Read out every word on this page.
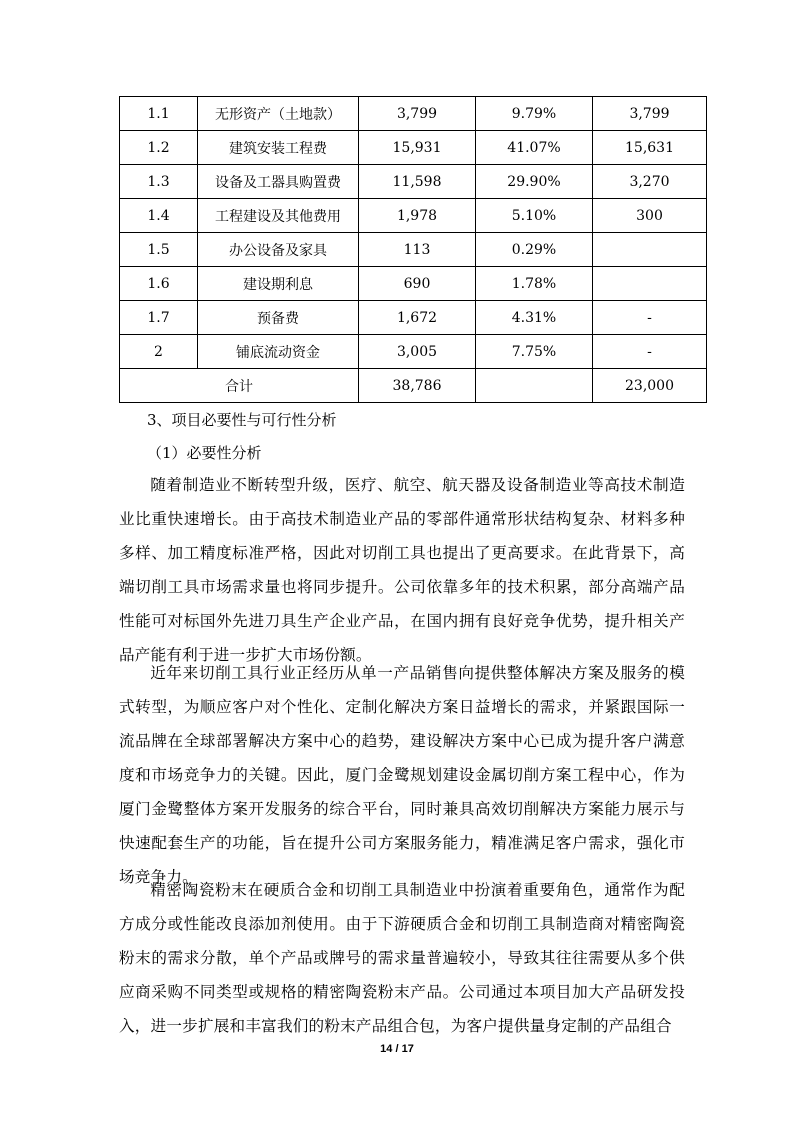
1.1	无形资产（土地款）	3,799	9.79%	3,799
1.2	建筑安装工程费	15,931	41.07%	15,631
1.3	设备及工器具购置费	11,598	29.90%	3,270
1.4	工程建设及其他费用	1,978	5.10%	300
1.5	办公设备及家具	113	0.29%	
1.6	建设期利息	690	1.78%	
1.7	预备费	1,672	4.31%	-
2	铺底流动资金	3,005	7.75%	-
合计		38,786		23,000
3、项目必要性与可行性分析
（1）必要性分析

随着制造业不断转型升级，医疗、航空、航天器及设备制造业等高技术制造业比重快速增长。由于高技术制造业产品的零部件通常形状结构复杂、材料多种多样、加工精度标准严格，因此对切削工具也提出了更高要求。在此背景下，高端切削工具市场需求量也将同步提升。公司依靠多年的技术积累，部分高端产品性能可对标国外先进刀具生产企业产品，在国内拥有良好竞争优势，提升相关产品产能有利于进一步扩大市场份额。

近年来切削工具行业正经历从单一产品销售向提供整体解决方案及服务的模式转型，为顺应客户对个性化、定制化解决方案日益增长的需求，并紧跟国际一流品牌在全球部署解决方案中心的趋势，建设解决方案中心已成为提升客户满意度和市场竞争力的关键。因此，厦门金鹭规划建设金属切削方案工程中心，作为厦门金鹭整体方案开发服务的综合平台，同时兼具高效切削解决方案能力展示与快速配套生产的功能，旨在提升公司方案服务能力，精准满足客户需求，强化市场竞争力。

精密陶瓷粉末在硬质合金和切削工具制造业中扮演着重要角色，通常作为配方成分或性能改良添加剂使用。由于下游硬质合金和切削工具制造商对精密陶瓷粉末的需求分散，单个产品或牌号的需求量普遍较小，导致其往往需要从多个供应商采购不同类型或规格的精密陶瓷粉末产品。公司通过本项目加大产品研发投入，进一步扩展和丰富我们的粉末产品组合包，为客户提供量身定制的产品组合

14 / 17
